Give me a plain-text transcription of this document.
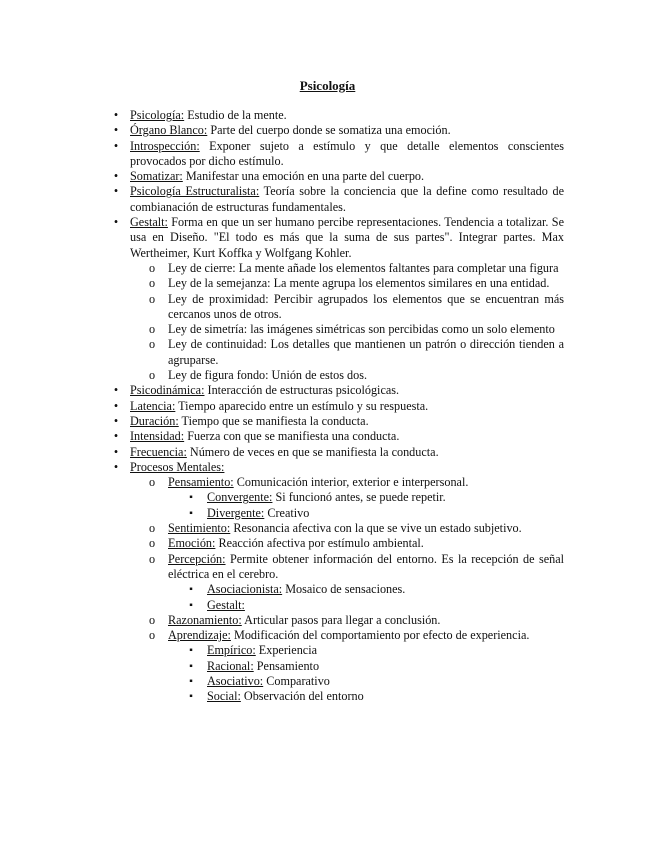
Psicología
• Psicología: Estudio de la mente.
• Órgano Blanco: Parte del cuerpo donde se somatiza una emoción.
• Introspección: Exponer sujeto a estímulo y que detalle elementos conscientes provocados por dicho estímulo.
• Somatizar: Manifestar una emoción en una parte del cuerpo.
• Psicología Estructuralista: Teoría sobre la conciencia que la define como resultado de combianación de estructuras fundamentales.
• Gestalt: Forma en que un ser humano percibe representaciones. Tendencia a totalizar. Se usa en Diseño. "El todo es más que la suma de sus partes". Integrar partes. Max Wertheimer, Kurt Koffka y Wolfgang Kohler.
o Ley de cierre: La mente añade los elementos faltantes para completar una figura
o Ley de la semejanza: La mente agrupa los elementos similares en una entidad.
o Ley de proximidad: Percibir agrupados los elementos que se encuentran más cercanos unos de otros.
o Ley de simetría: las imágenes simétricas son percibidas como un solo elemento
o Ley de continuidad: Los detalles que mantienen un patrón o dirección tienden a agruparse.
o Ley de figura fondo: Unión de estos dos.
• Psicodinámica: Interacción de estructuras psicológicas.
• Latencia: Tiempo aparecido entre un estímulo y su respuesta.
• Duración: Tiempo que se manifiesta la conducta.
• Intensidad: Fuerza con que se manifiesta una conducta.
• Frecuencia: Número de veces en que se manifiesta la conducta.
• Procesos Mentales:
o Pensamiento: Comunicación interior, exterior e interpersonal.
▪	Convergente: Si funcionó antes, se puede repetir.
▪	Divergente: Creativo
o Sentimiento: Resonancia afectiva con la que se vive un estado subjetivo.
o Emoción: Reacción afectiva por estímulo ambiental.
o Percepción: Permite obtener información del entorno. Es la recepción de señal eléctrica en el cerebro.
▪	Asociacionista: Mosaico de sensaciones.
▪	Gestalt:
o Razonamiento: Articular pasos para llegar a conclusión.
o Aprendizaje: Modificación del comportamiento por efecto de experiencia.
▪	Empírico: Experiencia
▪	Racional: Pensamiento
▪	Asociativo: Comparativo
▪	Social: Observación del entorno
